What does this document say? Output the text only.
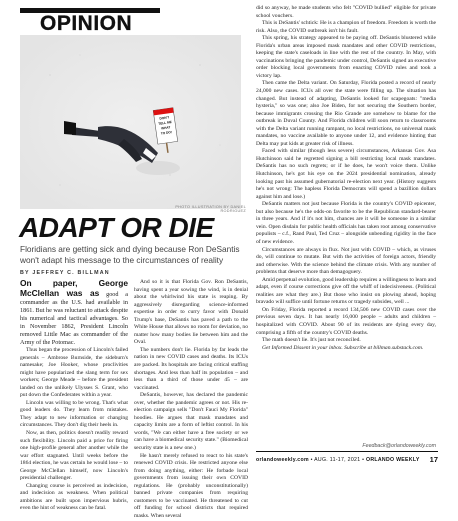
OPINION
DON'T
TELL ME
WHAT
TO DO!
PHOTO ILLUSTRATION BY DANIEL RODRIGUEZ
ADAPT OR DIE
Floridians are getting sick and dying because Ron DeSantis won't adapt his message to the circumstances of reality
BY JEFFREY C. BILLMAN

On paper, George McClellan was as good a commander as the U.S. had available in 1861. But he was reluctant to attack despite his numerical and tactical advantages. So in November 1862, President Lincoln removed Little Mac as commander of the Army of the Potomac.

Thus began the procession of Lincoln's failed generals – Ambrose Burnside, the sideburn's namesake; Joe Hooker, whose proclivities might have popularized the slang term for sex workers; George Meade – before the president landed on the unlikely Ulysses S. Grant, who put down the Confederates within a year.

Lincoln was willing to be wrong. That's what good leaders do. They learn from mistakes. They adapt to new information or changing circumstances. They don't dig their heels in.

Now, as then, politics doesn't readily reward such flexibility. Lincoln paid a price for firing one high-profile general after another while the war effort stagnated. Until weeks before the 1864 election, he was certain he would lose – to George McClellan himself, now Lincoln's presidential challenger.

Changing course is perceived as indecision, and indecision as weakness. When political ambitions are built upon impervious hubris, even the hint of weakness can be fatal.

And so it is that Florida Gov. Ron DeSantis, having spent a year sowing the wind, is in denial about the whirlwind his state is reaping. By aggressively disregarding science-informed expertise in order to curry favor with Donald Trump's base, DeSantis has paved a path to the White House that allows no room for deviation, no matter how many bodies lie between him and the Oval.

The numbers don't lie. Florida by far leads the nation in new COVID cases and deaths. Its ICUs are packed. Its hospitals are facing critical staffing shortages. And less than half its population – and less than a third of those under 45 – are vaccinated.

DeSantis, however, has declared the pandemic over, whether the pandemic agrees or not. His re-election campaign sells "Don't Fauci My Florida" hoodies. He argues that mask mandates and capacity limits are a form of leftist control. In his words, "We can either have a free society or we can have a biomedical security state." (Biomedical security state is a new one.)

He hasn't merely refused to react to his state's renewed COVID crisis. He restricted anyone else from doing anything, either: He forbade local governments from issuing their own COVID regulations. He (probably unconstitutionally) banned private companies from requiring customers to be vaccinated. He threatened to cut off funding for school districts that required masks. When several

did so anyway, he made students who felt "COVID bullied" eligible for private school vouchers.

This is DeSantis' schtick: He is a champion of freedom. Freedom is worth the risk. Also, the COVID outbreak isn't his fault.

This spring, his strategy appeared to be paying off. DeSantis blustered while Florida's urban areas imposed mask mandates and other COVID restrictions, keeping the state's caseloads in line with the rest of the country. In May, with vaccinations bringing the pandemic under control, DeSantis signed an executive order blocking local governments from enacting COVID rules and took a victory lap.

Then came the Delta variant. On Saturday, Florida posted a record of nearly 24,000 new cases. ICUs all over the state were filling up. The situation has changed. But instead of adapting, DeSantis looked for scapegoats: "media hysteria," so was one; also Joe Biden, for not securing the Southern border, because immigrants crossing the Rio Grande are somehow to blame for the outbreak in Duval County. And Florida children will soon return to classrooms with the Delta variant running rampant, no local restrictions, no universal mask mandates, no vaccine available to anyone under 12, and evidence hinting that Delta may put kids at greater risk of illness.

Faced with similar (though less severe) circumstances, Arkansas Gov. Asa Hutchinson said he regretted signing a bill restricting local mask mandates. DeSantis has no such regrets; or if he does, he won't voice them. Unlike Hutchinson, he's got his eye on the 2024 presidential nomination, already looking past his assumed gubernatorial re-election next year. (History suggests he's not wrong: The hapless Florida Democrats will spend a bazillion dollars against him and lose.)

DeSantis matters not just because Florida is the country's COVID epicenter, but also because he's the odds-on favorite to be the Republican standard-bearer in three years. And if it's not him, chances are it will be someone in a similar vein. Open disdain for public health officials has taken root among conservative populists – c.f., Rand Paul, Ted Cruz – alongside unbending rigidity in the face of new evidence.

Circumstances are always in flux. Not just with COVID – which, as viruses do, will continue to mutate. But with the activities of foreign actors, friendly and otherwise. With the science behind the climate crisis. With any number of problems that deserve more than demagoguery.

Amid perpetual evolution, good leadership requires a willingness to learn and adapt, even if course corrections give off the whiff of indecisiveness. (Political realities are what they are.) But those who insist on plowing ahead, hoping bravado will suffice until fortune returns or tragedy subsides, well ...

On Friday, Florida reported a record 134,506 new COVID cases over the previous seven days. It has nearly 16,000 people – adults and children – hospitalized with COVID. About 90 of its residents are dying every day, comprising a fifth of the country's COVID deaths.

The math doesn't lie. It's just not reconciled.

Get Informed Dissent in your inbox. Subscribe at billman.substack.com.

Feedback@orlandoweekly.com
orlandoweekly.com • AUG. 11-17, 2021 • ORLANDO WEEKLY	17
